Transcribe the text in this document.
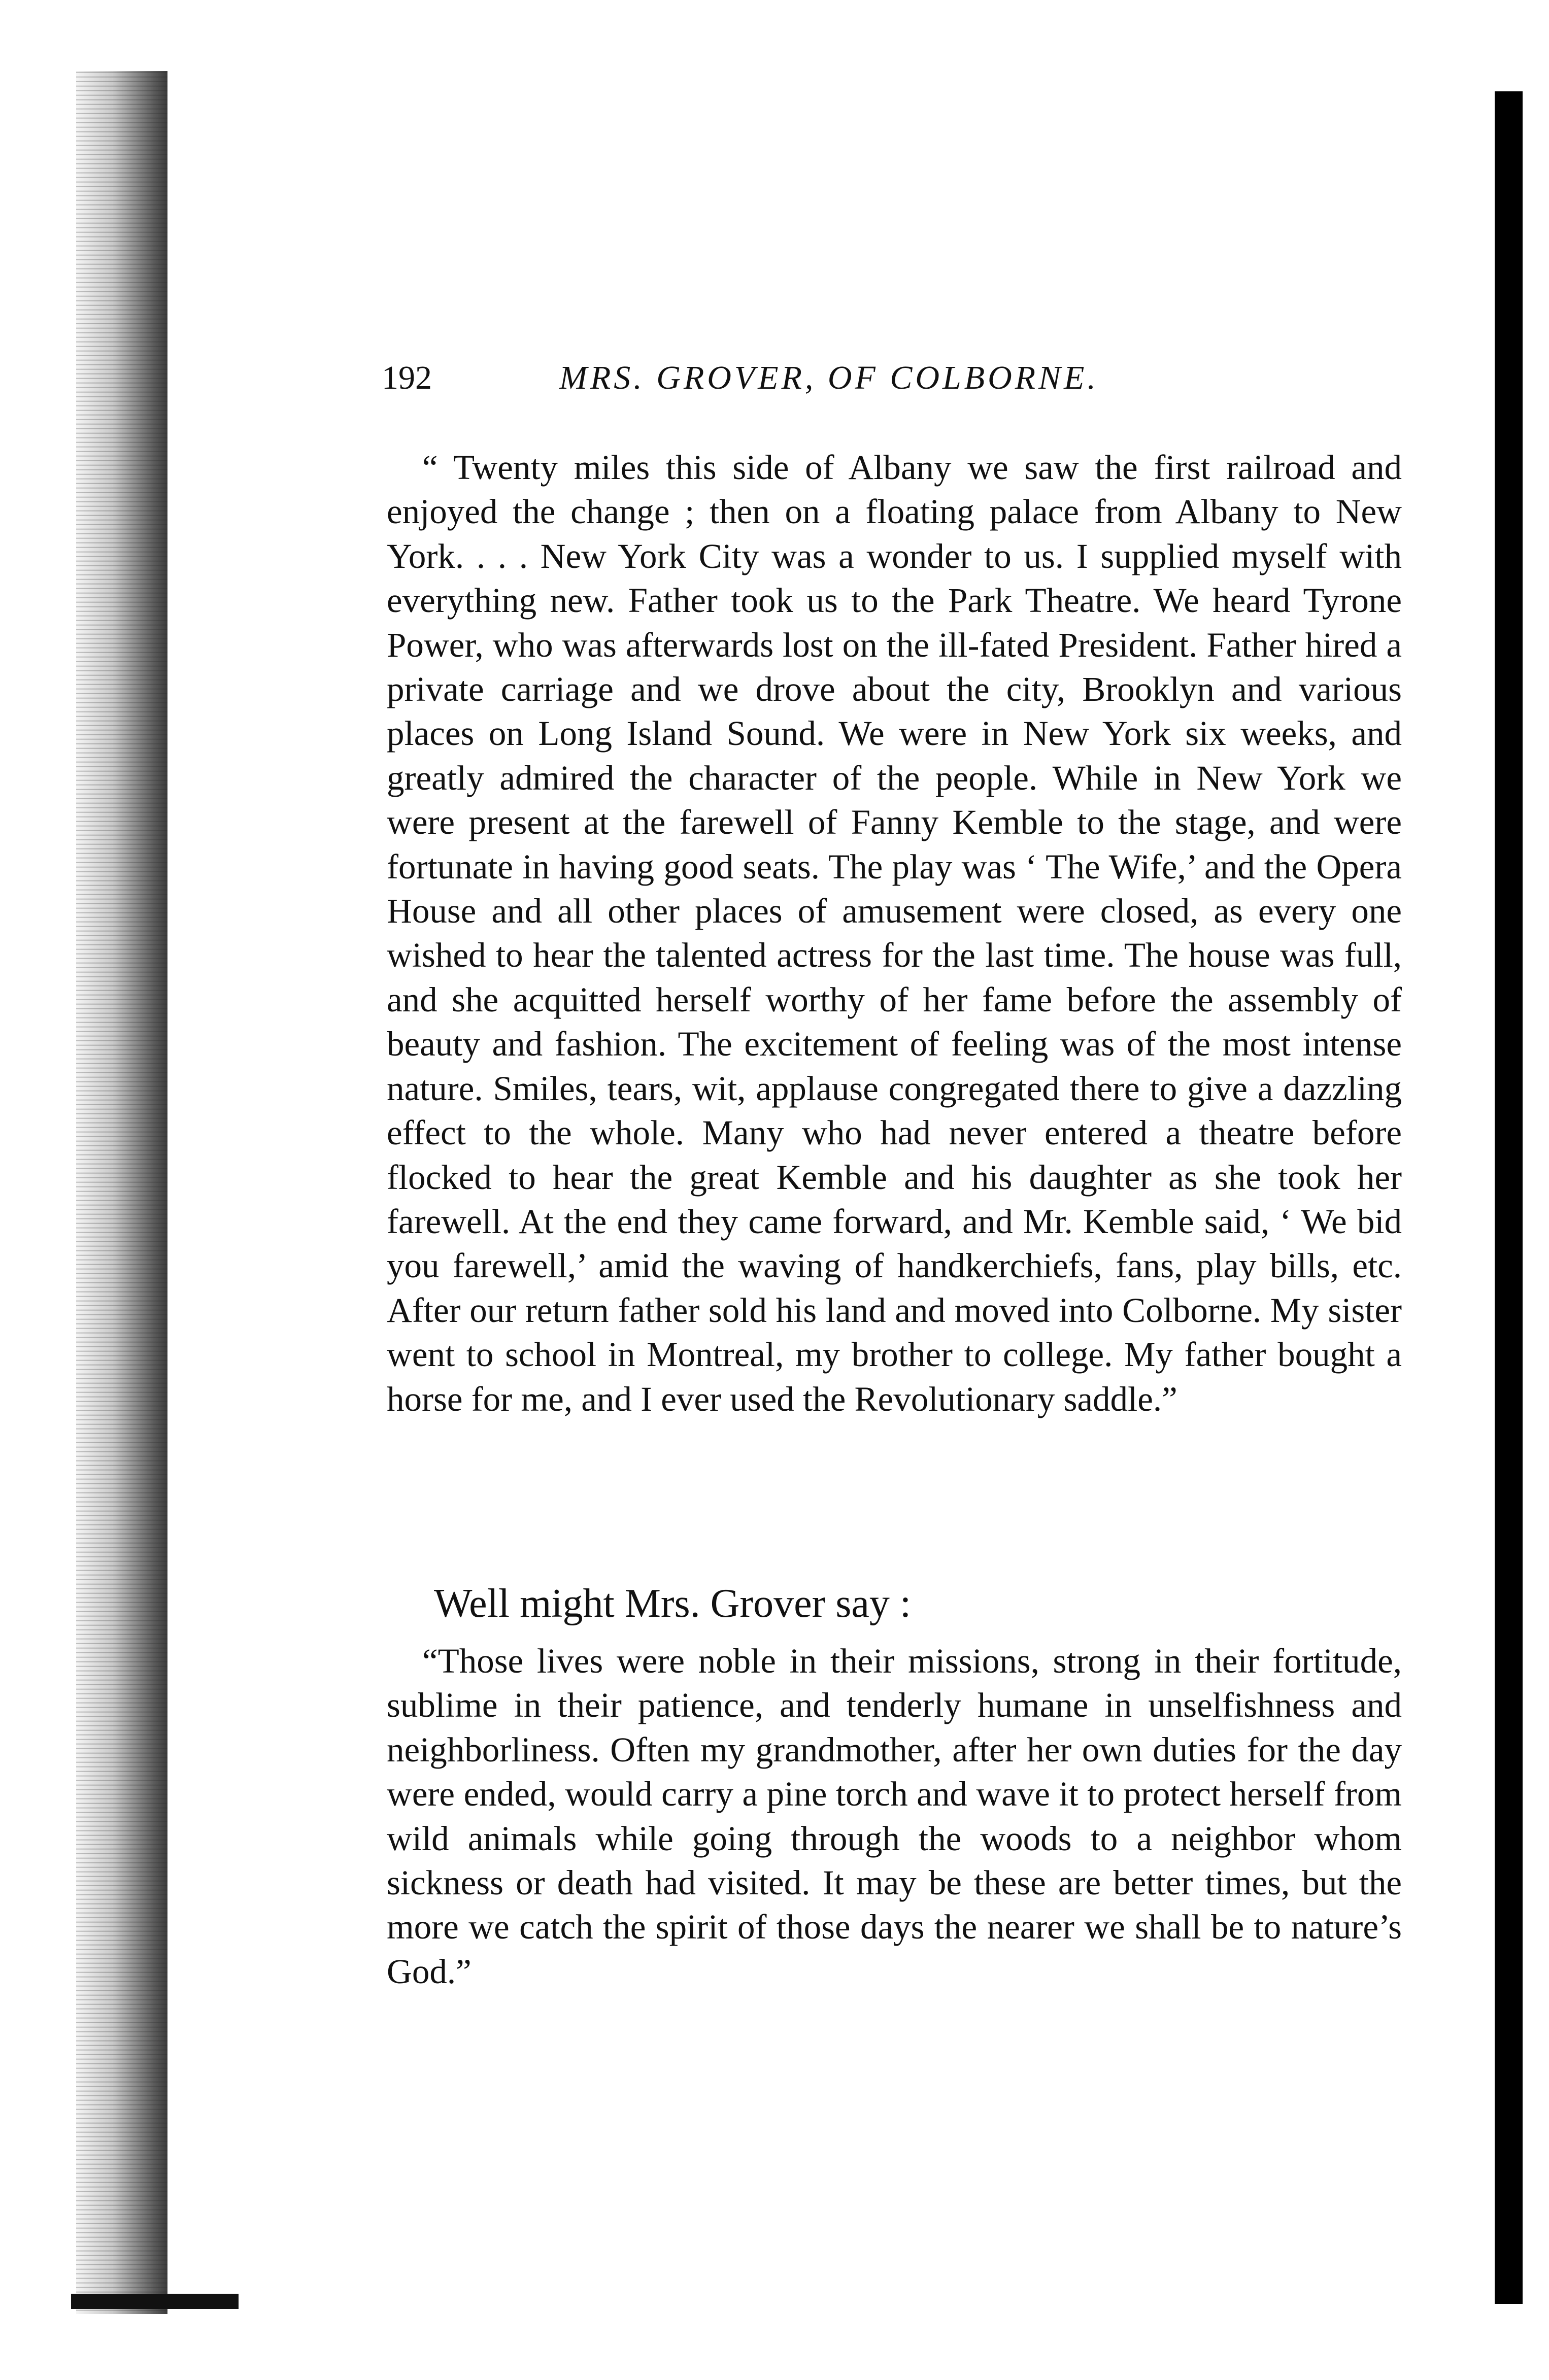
192	MRS. GROVER, OF COLBORNE.

“ Twenty miles this side of Albany we saw the first railroad and enjoyed the change ; then on a floating palace from Albany to New York. . . . New York City was a wonder to us. I supplied myself with everything new. Father took us to the Park Theatre. We heard Tyrone Power, who was afterwards lost on the ill-fated President. Father hired a private carriage and we drove about the city, Brooklyn and various places on Long Island Sound. We were in New York six weeks, and greatly admired the character of the people. While in New York we were present at the farewell of Fanny Kemble to the stage, and were fortunate in having good seats. The play was ‘ The Wife,’ and the Opera House and all other places of amusement were closed, as every one wished to hear the talented actress for the last time. The house was full, and she acquitted herself worthy of her fame before the assembly of beauty and fashion. The excitement of feeling was of the most intense nature. Smiles, tears, wit, applause congregated there to give a dazzling effect to the whole. Many who had never entered a theatre before flocked to hear the great Kemble and his daughter as she took her farewell. At the end they came forward, and Mr. Kemble said, ‘ We bid you farewell,’ amid the waving of handkerchiefs, fans, play bills, etc. After our return father sold his land and moved into Colborne. My sister went to school in Montreal, my brother to college. My father bought a horse for me, and I ever used the Revolutionary saddle.”

Well might Mrs. Grover say :

“Those lives were noble in their missions, strong in their fortitude, sublime in their patience, and tenderly humane in unselfishness and neighborliness. Often my grandmother, after her own duties for the day were ended, would carry a pine torch and wave it to protect herself from wild animals while going through the woods to a neighbor whom sickness or death had visited. It may be these are better times, but the more we catch the spirit of those days the nearer we shall be to nature’s God.”
